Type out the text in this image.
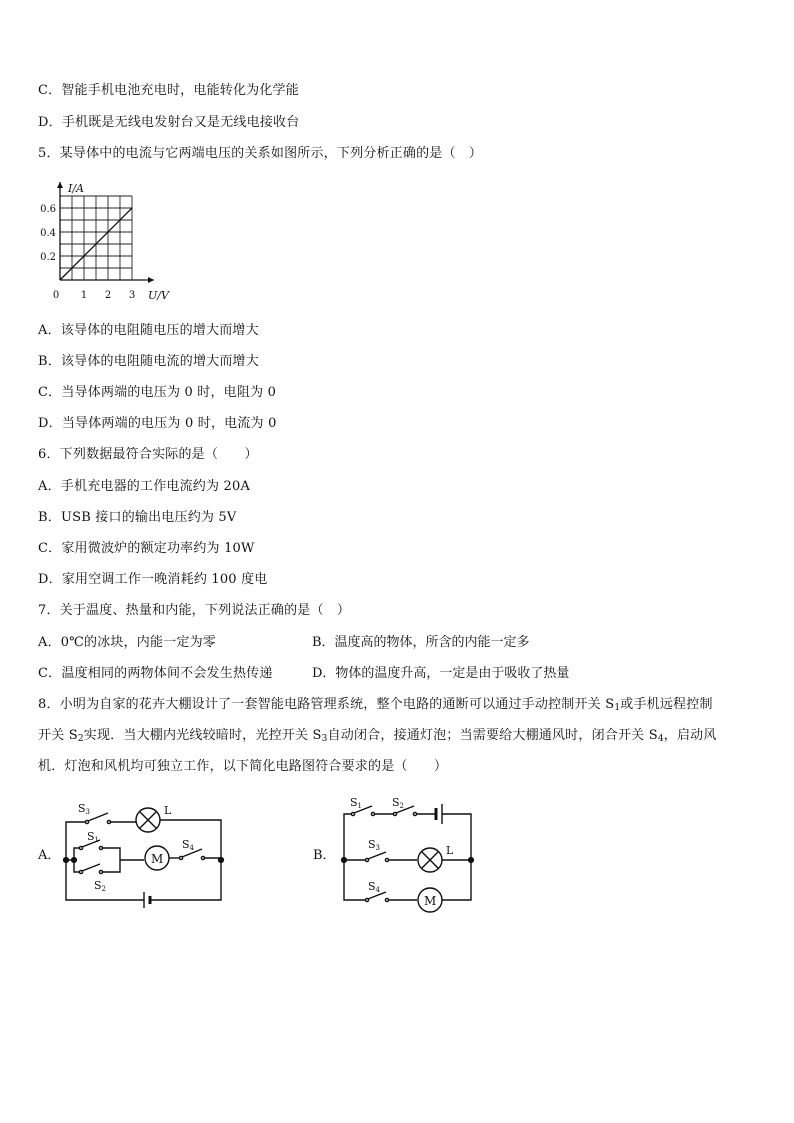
C．智能手机电池充电时，电能转化为化学能
D．手机既是无线电发射台又是无线电接收台
5．某导体中的电流与它两端电压的关系如图所示，下列分析正确的是（　）
0 1 2 3
0.2
0.4
0.6
U/V
I/A
A．该导体的电阻随电压的增大而增大
B．该导体的电阻随电流的增大而增大
C．当导体两端的电压为 0 时，电阻为 0
D．当导体两端的电压为 0 时，电流为 0
6．下列数据最符合实际的是（　　）
A．手机充电器的工作电流约为 20A
B．USB 接口的输出电压约为 5V
C．家用微波炉的额定功率约为 10W
D．家用空调工作一晚消耗约 100 度电
7．关于温度、热量和内能，下列说法正确的是（　）
A．0℃的冰块，内能一定为零	B．温度高的物体，所含的内能一定多
C．温度相同的两物体间不会发生热传递	D．物体的温度升高，一定是由于吸收了热量
8．小明为自家的花卉大棚设计了一套智能电路管理系统，整个电路的通断可以通过手动控制开关 $S_1$或手机远程控制
开关 $S_2$实现．当大棚内光线较暗时，光控开关 $S_3$自动闭合，接通灯泡；当需要给大棚通风时，闭合开关 $S_4$，启动风
机．灯泡和风机均可独立工作，以下简化电路图符合要求的是（　　）
A．
S3	L
S1
S2
M
S4	B．
S1	S2
S3	L
S4
M
